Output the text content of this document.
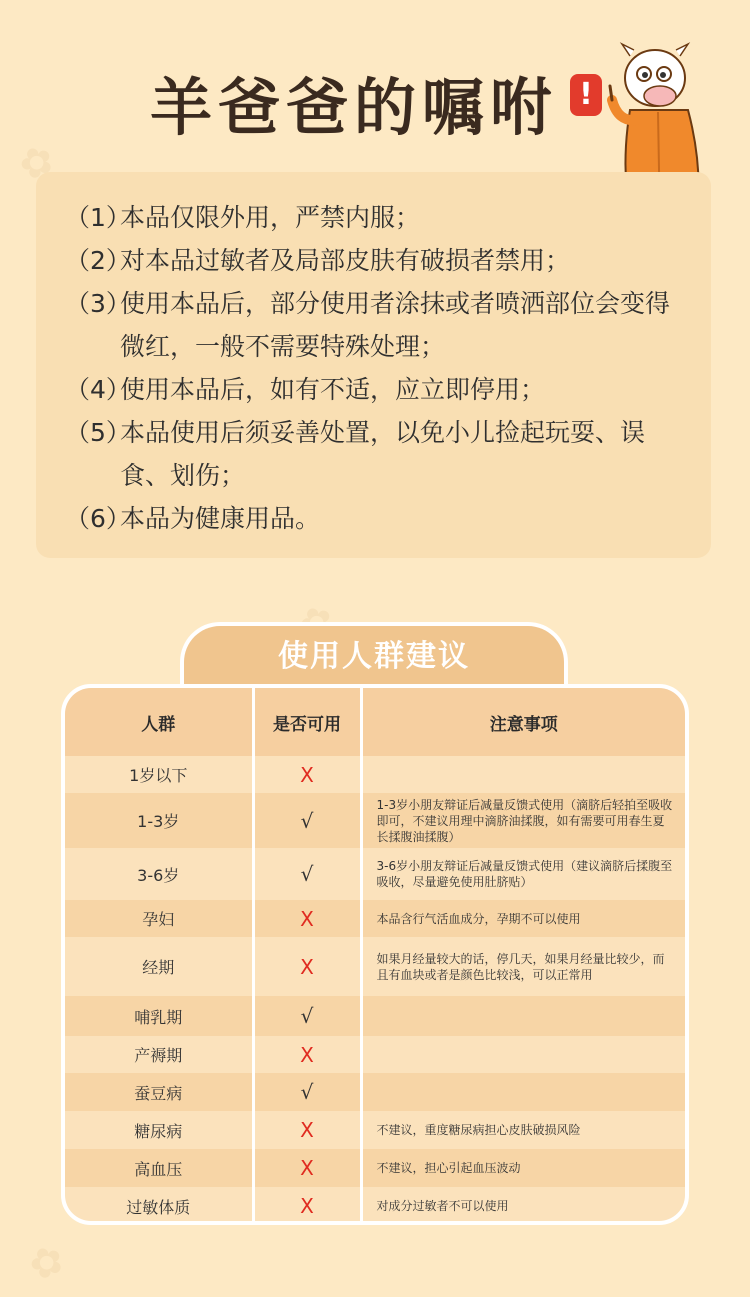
✿
✿
羊爸爸的嘱咐 !
（1）
本品仅限外用，严禁内服；
（2）
对本品过敏者及局部皮肤有破损者禁用；
（3）
使用本品后，部分使用者涂抹或者喷洒部位会变得微红，一般不需要特殊处理；
（4）
使用本品后，如有不适，应立即停用；
（5）
本品使用后须妥善处置，以免小儿捡起玩耍、误食、划伤；
（6）
本品为健康用品。
使用人群建议
人群	是否可用	注意事项
1岁以下	X	
1-3岁	√	1-3岁小朋友辩证后减量反馈式使用（滴脐后轻拍至吸收即可，不建议用理中滴脐油揉腹，如有需要可用春生夏长揉腹油揉腹）
3-6岁	√	3-6岁小朋友辩证后减量反馈式使用（建议滴脐后揉腹至吸收，尽量避免使用肚脐贴）
孕妇	X	本品含行气活血成分，孕期不可以使用
经期	X	如果月经量较大的话，停几天，如果月经量比较少，而且有血块或者是颜色比较浅，可以正常用
哺乳期	√	
产褥期	X	
蚕豆病	√	
糖尿病	X	不建议，重度糖尿病担心皮肤破损风险
高血压	X	不建议，担心引起血压波动
过敏体质	X	对成分过敏者不可以使用
